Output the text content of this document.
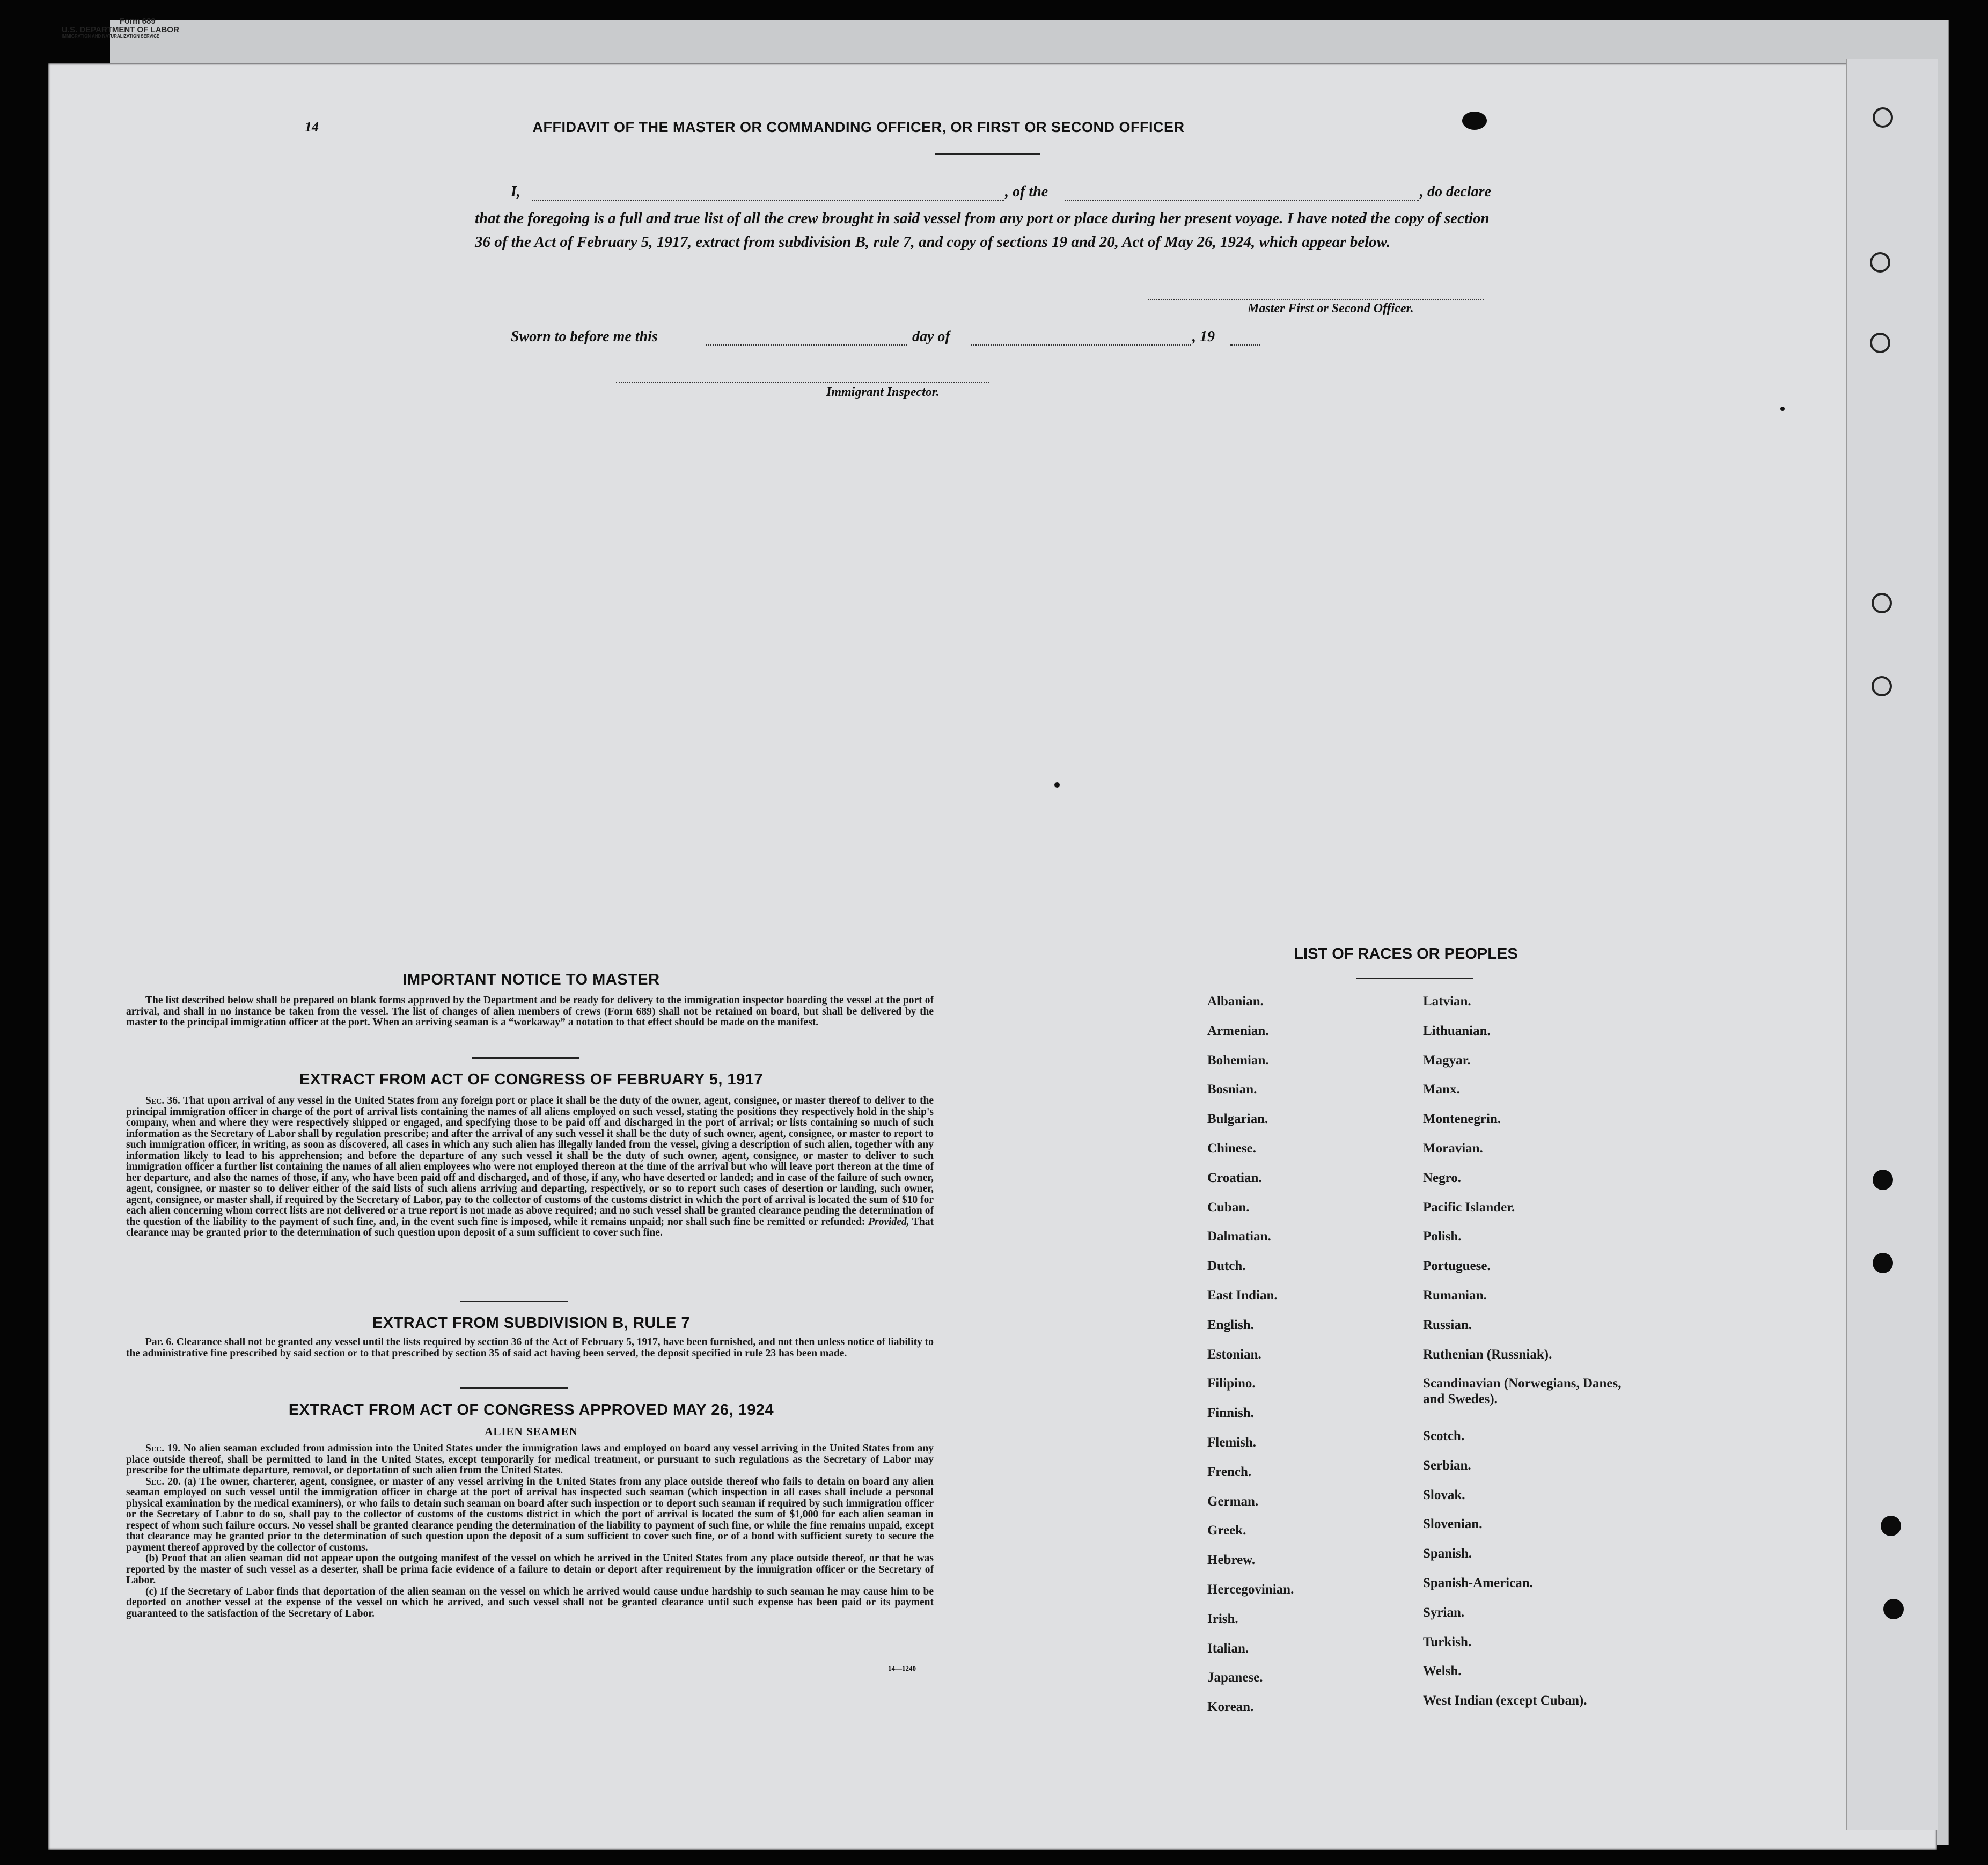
Form 689
U.S. DEPARTMENT OF LABOR
IMMIGRATION AND NATURALIZATION SERVICE
14	AFFIDAVIT OF THE MASTER OR COMMANDING OFFICER, OR FIRST OR SECOND OFFICER
I,	, of the	, do declare
that the foregoing is a full and true list of all the crew brought in said vessel from any port or place during her present voyage. I have noted the copy of section 36 of the Act of February 5, 1917, extract from subdivision B, rule 7, and copy of sections 19 and 20, Act of May 26, 1924, which appear below.
Master First or Second Officer.
Sworn to before me this	day of	, 19
Immigrant Inspector.
IMPORTANT NOTICE TO MASTER

The list described below shall be prepared on blank forms approved by the Department and be ready for delivery to the immigration inspector boarding the vessel at the port of arrival, and shall in no instance be taken from the vessel. The list of changes of alien members of crews (Form 689) shall not be retained on board, but shall be delivered by the master to the principal immigration officer at the port. When an arriving seaman is a “workaway” a notation to that effect should be made on the manifest.

EXTRACT FROM ACT OF CONGRESS OF FEBRUARY 5, 1917

Sec. 36. That upon arrival of any vessel in the United States from any foreign port or place it shall be the duty of the owner, agent, consignee, or master thereof to deliver to the principal immigration officer in charge of the port of arrival lists containing the names of all aliens employed on such vessel, stating the positions they respectively hold in the ship's company, when and where they were respectively shipped or engaged, and specifying those to be paid off and discharged in the port of arrival; or lists containing so much of such information as the Secretary of Labor shall by regulation prescribe; and after the arrival of any such vessel it shall be the duty of such owner, agent, consignee, or master to report to such immigration officer, in writing, as soon as discovered, all cases in which any such alien has illegally landed from the vessel, giving a description of such alien, together with any information likely to lead to his apprehension; and before the departure of any such vessel it shall be the duty of such owner, agent, consignee, or master to deliver to such immigration officer a further list containing the names of all alien employees who were not employed thereon at the time of the arrival but who will leave port thereon at the time of her departure, and also the names of those, if any, who have been paid off and discharged, and of those, if any, who have deserted or landed; and in case of the failure of such owner, agent, consignee, or master so to deliver either of the said lists of such aliens arriving and departing, respectively, or so to report such cases of desertion or landing, such owner, agent, consignee, or master shall, if required by the Secretary of Labor, pay to the collector of customs of the customs district in which the port of arrival is located the sum of $10 for each alien concerning whom correct lists are not delivered or a true report is not made as above required; and no such vessel shall be granted clearance pending the determination of the question of the liability to the payment of such fine, and, in the event such fine is imposed, while it remains unpaid; nor shall such fine be remitted or refunded: Provided, That clearance may be granted prior to the determination of such question upon deposit of a sum sufficient to cover such fine.

EXTRACT FROM SUBDIVISION B, RULE 7

Par. 6. Clearance shall not be granted any vessel until the lists required by section 36 of the Act of February 5, 1917, have been furnished, and not then unless notice of liability to the administrative fine prescribed by said section or to that prescribed by section 35 of said act having been served, the deposit specified in rule 23 has been made.

EXTRACT FROM ACT OF CONGRESS APPROVED MAY 26, 1924
ALIEN SEAMEN

Sec. 19. No alien seaman excluded from admission into the United States under the immigration laws and employed on board any vessel arriving in the United States from any place outside thereof, shall be permitted to land in the United States, except temporarily for medical treatment, or pursuant to such regulations as the Secretary of Labor may prescribe for the ultimate departure, removal, or deportation of such alien from the United States.

Sec. 20. (a) The owner, charterer, agent, consignee, or master of any vessel arriving in the United States from any place outside thereof who fails to detain on board any alien seaman employed on such vessel until the immigration officer in charge at the port of arrival has inspected such seaman (which inspection in all cases shall include a personal physical examination by the medical examiners), or who fails to detain such seaman on board after such inspection or to deport such seaman if required by such immigration officer or the Secretary of Labor to do so, shall pay to the collector of customs of the customs district in which the port of arrival is located the sum of $1,000 for each alien seaman in respect of whom such failure occurs. No vessel shall be granted clearance pending the determination of the liability to payment of such fine, or while the fine remains unpaid, except that clearance may be granted prior to the determination of such question upon the deposit of a sum sufficient to cover such fine, or of a bond with sufficient surety to secure the payment thereof approved by the collector of customs.

(b) Proof that an alien seaman did not appear upon the outgoing manifest of the vessel on which he arrived in the United States from any place outside thereof, or that he was reported by the master of such vessel as a deserter, shall be prima facie evidence of a failure to detain or deport after requirement by the immigration officer or the Secretary of Labor.

(c) If the Secretary of Labor finds that deportation of the alien seaman on the vessel on which he arrived would cause undue hardship to such seaman he may cause him to be deported on another vessel at the expense of the vessel on which he arrived, and such vessel shall not be granted clearance until such expense has been paid or its payment guaranteed to the satisfaction of the Secretary of Labor.

14—1240
LIST OF RACES OR PEOPLES
Albanian.
Armenian.
Bohemian.
Bosnian.
Bulgarian.
Chinese.
Croatian.
Cuban.
Dalmatian.
Dutch.
East Indian.
English.
Estonian.
Filipino.
Finnish.
Flemish.
French.
German.
Greek.
Hebrew.
Hercegovinian.
Irish.
Italian.
Japanese.
Korean.
Latvian.
Lithuanian.
Magyar.
Manx.
Montenegrin.
Moravian.
Negro.
Pacific Islander.
Polish.
Portuguese.
Rumanian.
Russian.
Ruthenian (Russniak).
Scandinavian (Norwegians, Danes, and Swedes).
Scotch.
Serbian.
Slovak.
Slovenian.
Spanish.
Spanish-American.
Syrian.
Turkish.
Welsh.
West Indian (except Cuban).
